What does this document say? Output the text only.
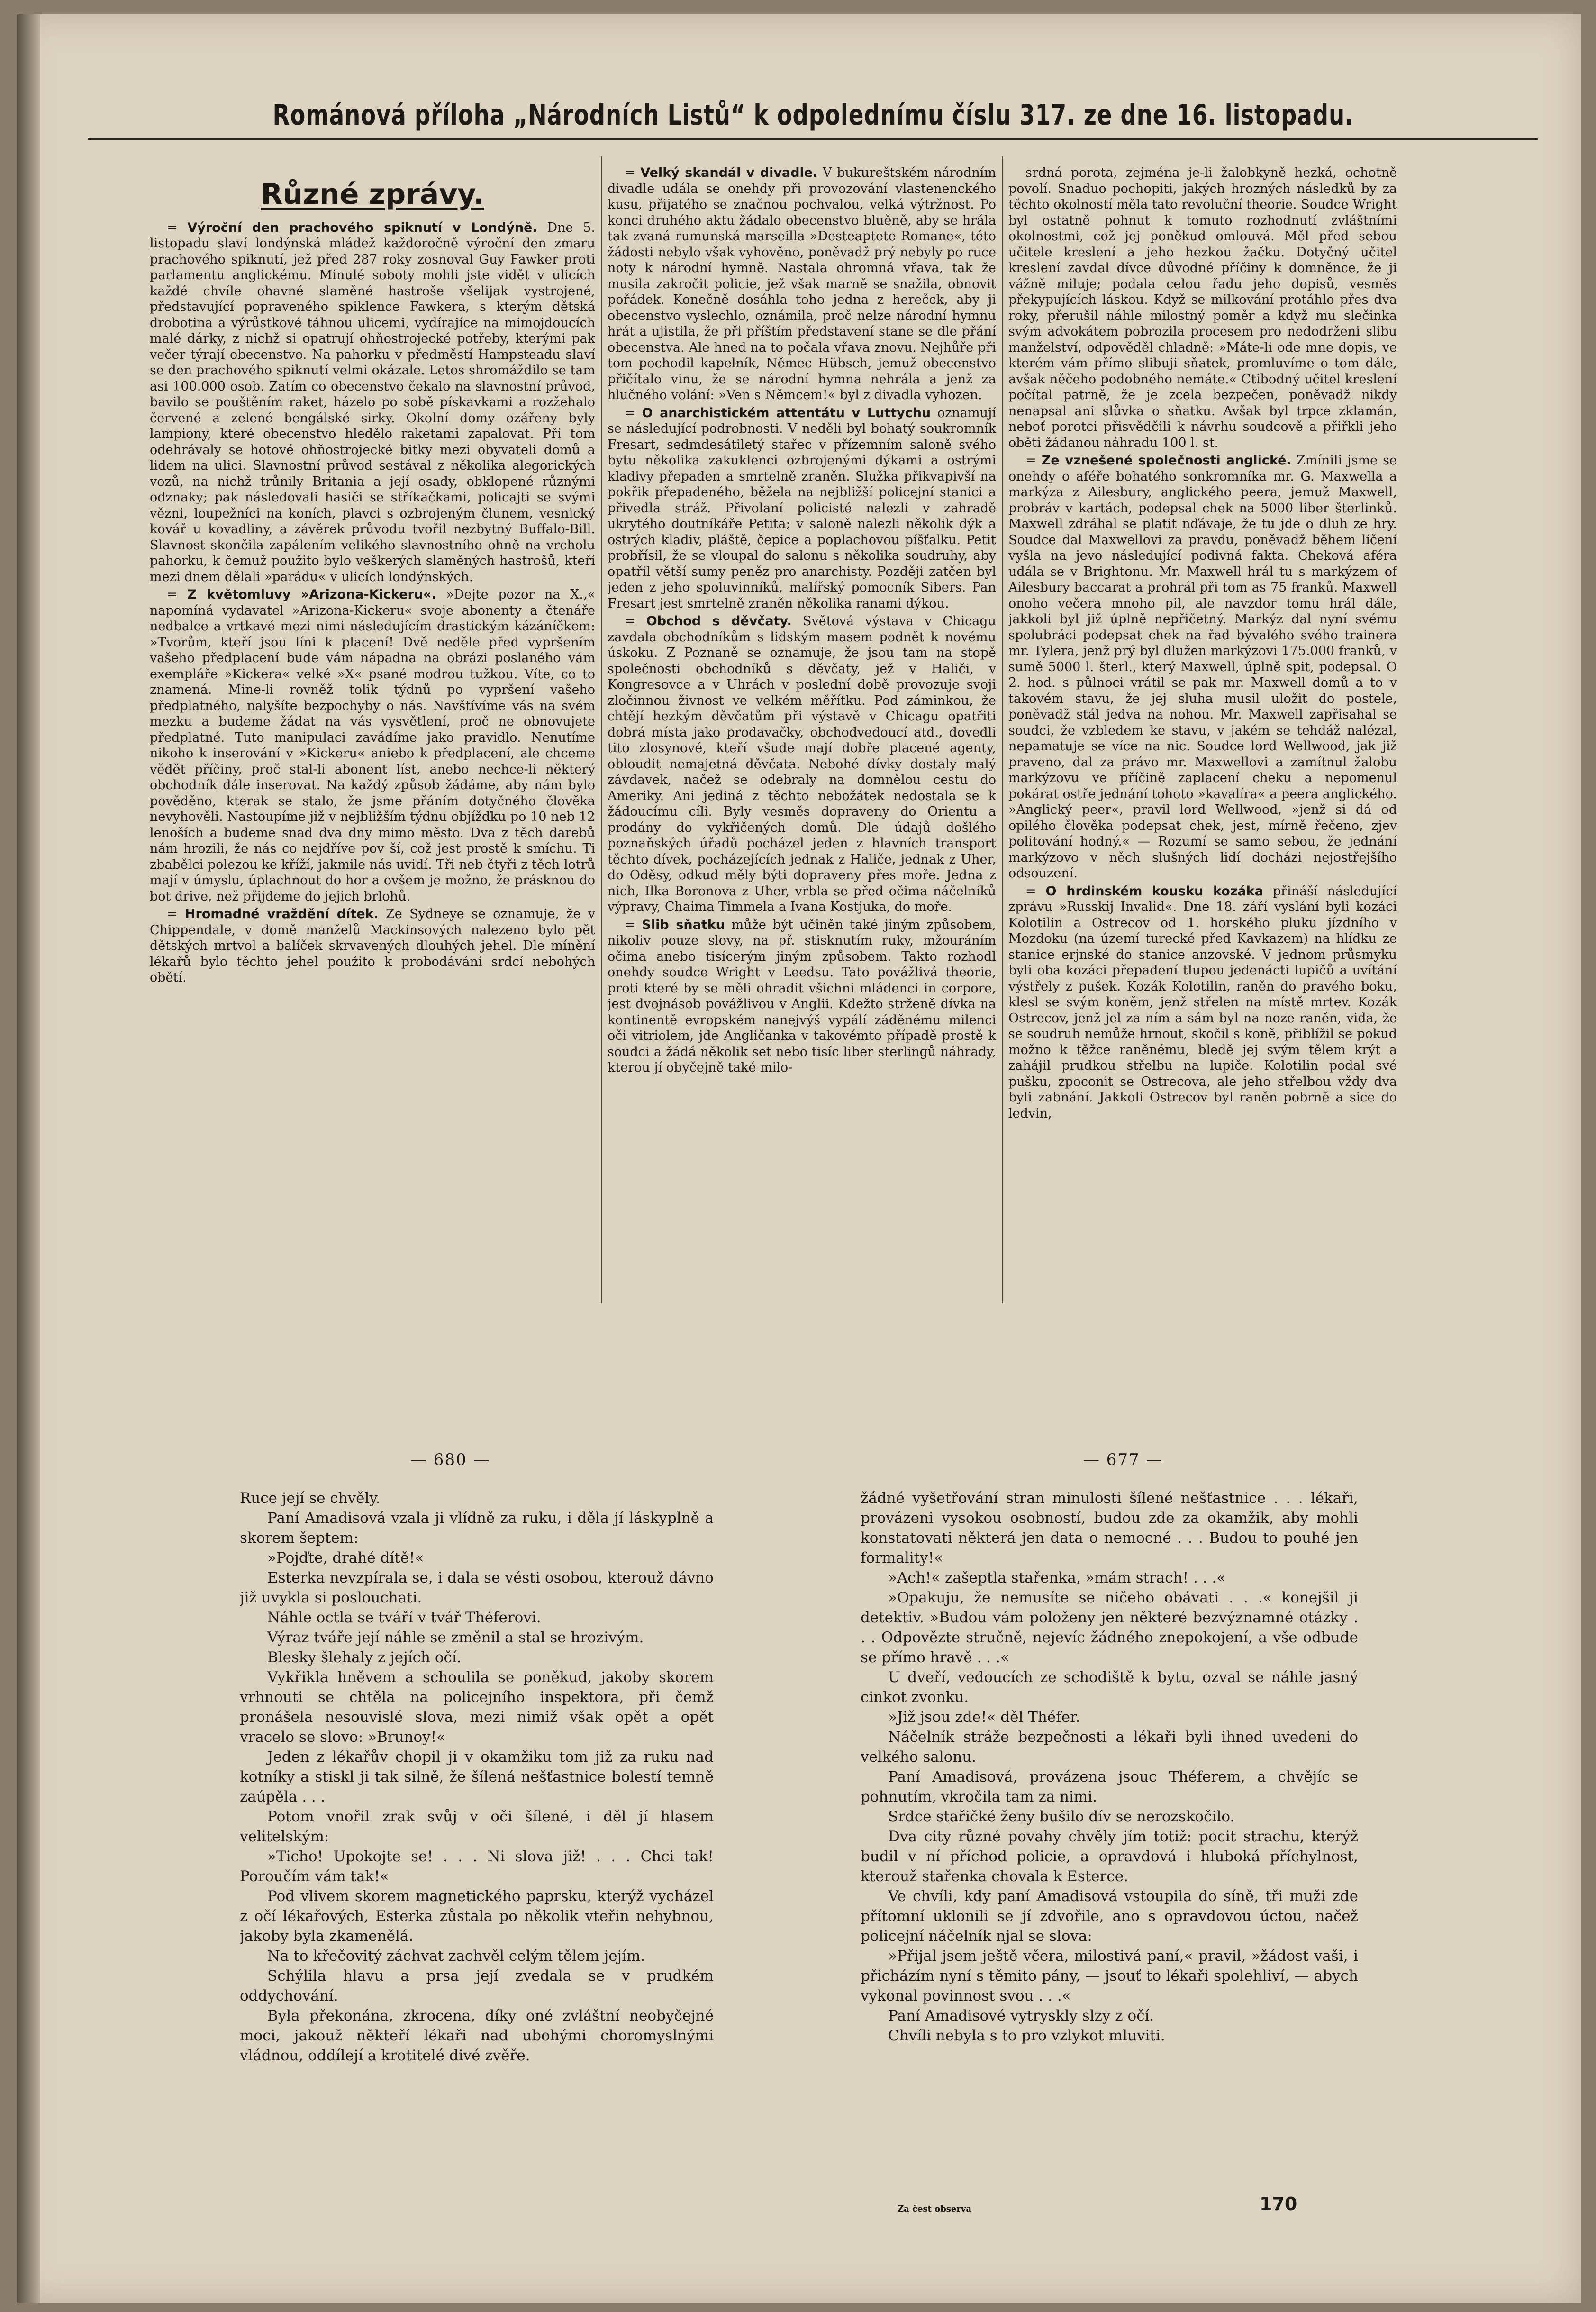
Románová příloha „Národních Listů“ k odpolednímu číslu 317. ze dne 16. listopadu.
Různé zprávy.

= Výroční den prachového spiknutí v Londýně. Dne 5. listopadu slaví londýnská mládež každoročně výroční den zmaru prachového spiknutí, jež před 287 roky zosnoval Guy Fawker proti parlamentu anglickému. Minulé soboty mohli jste vidět v ulicích každé chvíle ohavné slaměné hastroše všelijak vystrojené, představující popraveného spiklence Fawkera, s kterým dětská drobotina a výrůstkové táhnou ulicemi, vydírajíce na mimojdoucích malé dárky, z nichž si opatrují ohňostrojecké potřeby, kterými pak večer týrají obecenstvo. Na pahorku v předměstí Hampsteadu slaví se den prachového spiknutí velmi okázale. Letos shromáždilo se tam asi 100.000 osob. Zatím co obecenstvo čekalo na slavnostní průvod, bavilo se pouštěním raket, házelo po sobě pískavkami a rozžehalo červené a zelené bengálské sirky. Okolní domy ozářeny byly lampiony, které obecenstvo hledělo raketami zapalovat. Při tom odehrávaly se hotové ohňostrojecké bitky mezi obyvateli domů a lidem na ulici. Slavnostní průvod sestával z několika alegorických vozů, na nichž trůnily Britania a její osady, obklopené různými odznaky; pak následovali hasiči se stříkačkami, policajti se svými vězni, loupežníci na koních, plavci s ozbrojeným člunem, vesnický kovář u kovadliny, a závěrek průvodu tvořil nezbytný Buffalo-Bill. Slavnost skončila zapálením velikého slavnostního ohně na vrcholu pahorku, k čemuž použito bylo veškerých slaměných hastrošů, kteří mezi dnem dělali »parádu« v ulicích londýnských.

= Z květomluvy »Arizona-Kickeru«. »Dejte pozor na X.,« napomíná vydavatel »Arizona-Kickeru« svoje abonenty a čtenáře nedbalce a vrtkavé mezi nimi následujícím drastickým kázáníčkem: »Tvorům, kteří jsou líni k placení! Dvě neděle před vypršením vašeho předplacení bude vám nápadna na obrázi poslaného vám exempláře »Kickera« velké »X« psané modrou tužkou. Víte, co to znamená. Mine-li rovněž tolik týdnů po vypršení vašeho předplatného, nalyšíte bezpochyby o nás. Navštívíme vás na svém mezku a budeme žádat na vás vysvětlení, proč ne obnovujete předplatné. Tuto manipulaci zavádíme jako pravidlo. Nenutíme nikoho k inserování v »Kickeru« aniebo k předplacení, ale chceme vědět příčiny, proč stal-li abonent líst, anebo nechce-li některý obchodník dále inserovat. Na každý způsob žádáme, aby nám bylo pověděno, kterak se stalo, že jsme přáním dotyčného člověka nevyhověli. Nastoupíme již v nejbližším týdnu objížďku po 10 neb 12 lenoších a budeme snad dva dny mimo město. Dva z těch darebů nám hrozili, že nás co nejdříve pov ší, což jest prostě k smíchu. Ti zbabělci polezou ke kříží, jakmile nás uvidí. Tři neb čtyři z těch lotrů mají v úmyslu, úplachnout do hor a ovšem je možno, že prásknou do bot drive, než přijdeme do jejich brlohů.

= Hromadné vraždění dítek. Ze Sydneye se oznamuje, že v Chippendale, v domě manželů Mackinsových nalezeno bylo pět dětských mrtvol a balíček skrvavených dlouhých jehel. Dle mínění lékařů bylo těchto jehel použito k probodávání srdcí nebohých obětí.

= Velký skandál v divadle. V bukureštském národním divadle udála se onehdy při provozování vlastenenckého kusu, přijatého se značnou pochvalou, velká výtržnost. Po konci druhého aktu žádalo obecenstvo bluěně, aby se hrála tak zvaná rumunská marseilla »Desteaptete Romane«, této žádosti nebylo však vyhověno, poněvadž prý nebyly po ruce noty k národní hymně. Nastala ohromná vřava, tak že musila zakročit policie, jež však marně se snažila, obnovit pořádek. Konečně dosáhla toho jedna z herečck, aby ji obecenstvo vyslechlo, oznámila, proč nelze národní hymnu hrát a ujistila, že při příštím představení stane se dle přání obecenstva. Ale hned na to počala vřava znovu. Nejhůře při tom pochodil kapelník, Němec Hübsch, jemuž obecenstvo přičítalo vinu, že se národní hymna nehrála a jenž za hlučného volání: »Ven s Němcem!« byl z divadla vyhozen.

= O anarchistickém attentátu v Luttychu oznamují se následující podrobnosti. V neděli byl bohatý soukromník Fresart, sedmdesátiletý stařec v přízemním saloně svého bytu několika zakuklenci ozbrojenými dýkami a ostrými kladivy přepaden a smrtelně zraněn. Služka přikvapivší na pokřik přepadeného, běžela na nejbližší policejní stanici a přivedla stráž. Přivolaní policisté nalezli v zahradě ukrytého doutníkáře Petita; v saloně nalezli několik dýk a ostrých kladiv, pláště, čepice a poplachovou píšťalku. Petit probřísil, že se vloupal do salonu s několika soudruhy, aby opatřil větší sumy peněz pro anarchisty. Později zatčen byl jeden z jeho spoluvinníků, malířský pomocník Sibers. Pan Fresart jest smrtelně zraněn několika ranami dýkou.

= Obchod s děvčaty. Světová výstava v Chicagu zavdala obchodníkům s lidským masem podnět k novému úskoku. Z Poznaně se oznamuje, že jsou tam na stopě společnosti obchodníků s děvčaty, jež v Haliči, v Kongresovce a v Uhrách v poslední době provozuje svoji zločinnou živnost ve velkém měřítku. Pod záminkou, že chtějí hezkým děvčatům při výstavě v Chicagu opatřiti dobrá místa jako prodavačky, obchodvedoucí atd., dovedli tito zlosynové, kteří všude mají dobře placené agenty, obloudit nemajetná děvčata. Nebohé dívky dostaly malý závdavek, načež se odebraly na domnělou cestu do Ameriky. Ani jediná z těchto nebožátek nedostala se k žádoucímu cíli. Byly vesměs dopraveny do Orientu a prodány do vykřičených domů. Dle údajů došlého poznaňských úřadů pocházel jeden z hlavních transport těchto dívek, pocházejících jednak z Haliče, jednak z Uher, do Oděsy, odkud měly býti dopraveny přes moře. Jedna z nich, Ilka Boronova z Uher, vrbla se před očima náčelníků výpravy, Chaima Timmela a Ivana Kostjuka, do moře.

= Slib sňatku může být učiněn také jiným způsobem, nikoliv pouze slovy, na př. stisknutím ruky, mžouráním očima anebo tisícerým jiným způsobem. Takto rozhodl onehdy soudce Wright v Leedsu. Tato povážlivá theorie, proti které by se měli ohradit všichni mládenci in corpore, jest dvojnásob povážlivou v Anglii. Kdežto strženě dívka na kontinentě evropském nanejvýš vypálí záděnému milenci oči vitriolem, jde Angličanka v takovémto případě prostě k soudci a žádá několik set nebo tisíc liber sterlingů náhrady, kterou jí obyčejně také milo-

srdná porota, zejména je-li žalobkyně hezká, ochotně povolí. Snaduo pochopiti, jakých hrozných následků by za těchto okolností měla tato revoluční theorie. Soudce Wright byl ostatně pohnut k tomuto rozhodnutí zvláštními okolnostmi, což jej poněkud omlouvá. Měl před sebou učitele kreslení a jeho hezkou žačku. Dotyčný učitel kreslení zavdal dívce důvodné příčiny k domněnce, že ji vážně miluje; podala celou řadu jeho dopisů, vesměs překypujících láskou. Když se milkování protáhlo přes dva roky, přerušil náhle milostný poměr a když mu slečinka svým advokátem pobrozila procesem pro nedodrženi slibu manželství, odpověděl chladně: »Máte-li ode mne dopis, ve kterém vám přímo slibuji sňatek, promluvíme o tom dále, avšak něčeho podobného nemáte.« Ctibodný učitel kreslení počítal patrně, že je zcela bezpečen, poněvadž nikdy nenapsal ani slůvka o sňatku. Avšak byl trpce zklamán, neboť porotci přisvědčili k návrhu soudcově a přiřkli jeho oběti žádanou náhradu 100 l. st.

= Ze vznešené společnosti anglické. Zmínili jsme se onehdy o aféře bohatého sonkromníka mr. G. Maxwella a markýza z Ailesbury, anglického peera, jemuž Maxwell, probráv v kartách, podepsal chek na 5000 liber šterlinků. Maxwell zdráhal se platit nďávaje, že tu jde o dluh ze hry. Soudce dal Maxwellovi za pravdu, poněvadž během líčení vyšla na jevo následující podivná fakta. Cheková aféra udála se v Brightonu. Mr. Maxwell hrál tu s markýzem of Ailesbury baccarat a prohrál při tom as 75 franků. Maxwell onoho večera mnoho pil, ale navzdor tomu hrál dále, jakkoli byl již úplně nepřičetný. Markýz dal nyní svému spolubráci podepsat chek na řad bývalého svého trainera mr. Tylera, jenž prý byl dlužen markýzovi 175.000 franků, v sumě 5000 l. šterl., který Maxwell, úplně spit, podepsal. O 2. hod. s půlnoci vrátil se pak mr. Maxwell domů a to v takovém stavu, že jej sluha musil uložit do postele, poněvadž stál jedva na nohou. Mr. Maxwell zapřisahal se soudci, že vzbledem ke stavu, v jakém se tehdáž nalézal, nepamatuje se více na nic. Soudce lord Wellwood, jak již praveno, dal za právo mr. Maxwellovi a zamítnul žalobu markýzovu ve příčině zaplacení cheku a nepomenul pokárat ostře jednání tohoto »kavalíra« a peera anglického. »Anglický peer«, pravil lord Wellwood, »jenž si dá od opilého člověka podepsat chek, jest, mírně řečeno, zjev politování hodný.« — Rozumí se samo sebou, že jednání markýzovo v něch slušných lidí docházi nejostřejšího odsouzení.

= O hrdinském kousku kozáka přináší následující zprávu »Russkij Invalid«. Dne 18. září vyslání byli kozáci Kolotilin a Ostrecov od 1. horského pluku jízdního v Mozdoku (na území turecké před Kavkazem) na hlídku ze stanice erjnské do stanice anzovské. V jednom průsmyku byli oba kozáci přepadení tlupou jedenácti lupičů a uvítání výstřely z pušek. Kozák Kolotilin, raněn do pravého boku, klesl se svým koněm, jenž střelen na místě mrtev. Kozák Ostrecov, jenž jel za ním a sám byl na noze raněn, vida, že se soudruh nemůže hrnout, skočil s koně, přiblížil se pokud možno k těžce raněnému, bledě jej svým tělem krýt a zahájil prudkou střelbu na lupiče. Kolotilin podal své pušku, zpoconit se Ostrecova, ale jeho střelbou vždy dva byli zabnání. Jakkoli Ostrecov byl raněn pobrně a sice do ledvin,

— 680 —	— 677 —

Ruce její se chvěly.

Paní Amadisová vzala ji vlídně za ruku, i děla jí láskyplně a skorem šeptem:

»Pojďte, drahé dítě!«

Esterka nevzpírala se, i dala se vésti osobou, kterouž dávno již uvykla si poslouchati.

Náhle octla se tváří v tvář Théferovi.

Výraz tváře její náhle se změnil a stal se hrozivým.

Blesky šlehaly z jejích očí.

Vykřikla hněvem a schoulila se poněkud, jakoby skorem vrhnouti se chtěla na policejního inspektora, při čemž pronášela nesouvislé slova, mezi nimiž však opět a opět vracelo se slovo: »Brunoy!«

Jeden z lékařův chopil ji v okamžiku tom již za ruku nad kotníky a stiskl ji tak silně, že šílená nešťastnice bolestí temně zaúpěla . . .

Potom vnořil zrak svůj v oči šílené, i děl jí hlasem velitelským:

»Ticho! Upokojte se! . . . Ni slova již! . . . Chci tak! Poroučím vám tak!«

Pod vlivem skorem magnetického paprsku, kterýž vycházel z očí lékařových, Esterka zůstala po několik vteřin nehybnou, jakoby byla zkamenělá.

Na to křečovitý záchvat zachvěl celým tělem jejím.

Schýlila hlavu a prsa její zvedala se v prudkém oddychování.

Byla překonána, zkrocena, díky oné zvláštní neobyčejné moci, jakouž někteří lékaři nad ubohými choromyslnými vládnou, oddílejí a krotitelé divé zvěře.

žádné vyšetřování stran minulosti šílené nešťastnice . . . lékaři, provázeni vysokou osobností, budou zde za okamžik, aby mohli konstatovati některá jen data o nemocné . . . Budou to pouhé jen formality!«

»Ach!« zašeptla stařenka, »mám strach! . . .«

»Opakuju, že nemusíte se ničeho obávati . . .« konejšil ji detektiv. »Budou vám položeny jen některé bezvýznamné otázky . . . Odpovězte stručně, nejevíc žádného znepokojení, a vše odbude se přímo hravě . . .«

U dveří, vedoucích ze schodiště k bytu, ozval se náhle jasný cinkot zvonku.

»Již jsou zde!« děl Théfer.

Náčelník stráže bezpečnosti a lékaři byli ihned uvedeni do velkého salonu.

Paní Amadisová, provázena jsouc Théferem, a chvějíc se pohnutím, vkročila tam za nimi.

Srdce stařičké ženy bušilo dív se nerozskočilo.

Dva city různé povahy chvěly jím totiž: pocit strachu, kterýž budil v ní příchod policie, a opravdová i hluboká příchylnost, kterouž stařenka chovala k Esterce.

Ve chvíli, kdy paní Amadisová vstoupila do síně, tři muži zde přítomní uklonili se jí zdvořile, ano s opravdovou úctou, načež policejní náčelník njal se slova:

»Přijal jsem ještě včera, milostivá paní,« pravil, »žádost vaši, i přicházím nyní s těmito pány, — jsouť to lékaři spolehliví, — abych vykonal povinnost svou . . .«

Paní Amadisové vytryskly slzy z očí.

Chvíli nebyla s to pro vzlykot mluviti.

Za čest observa	170
